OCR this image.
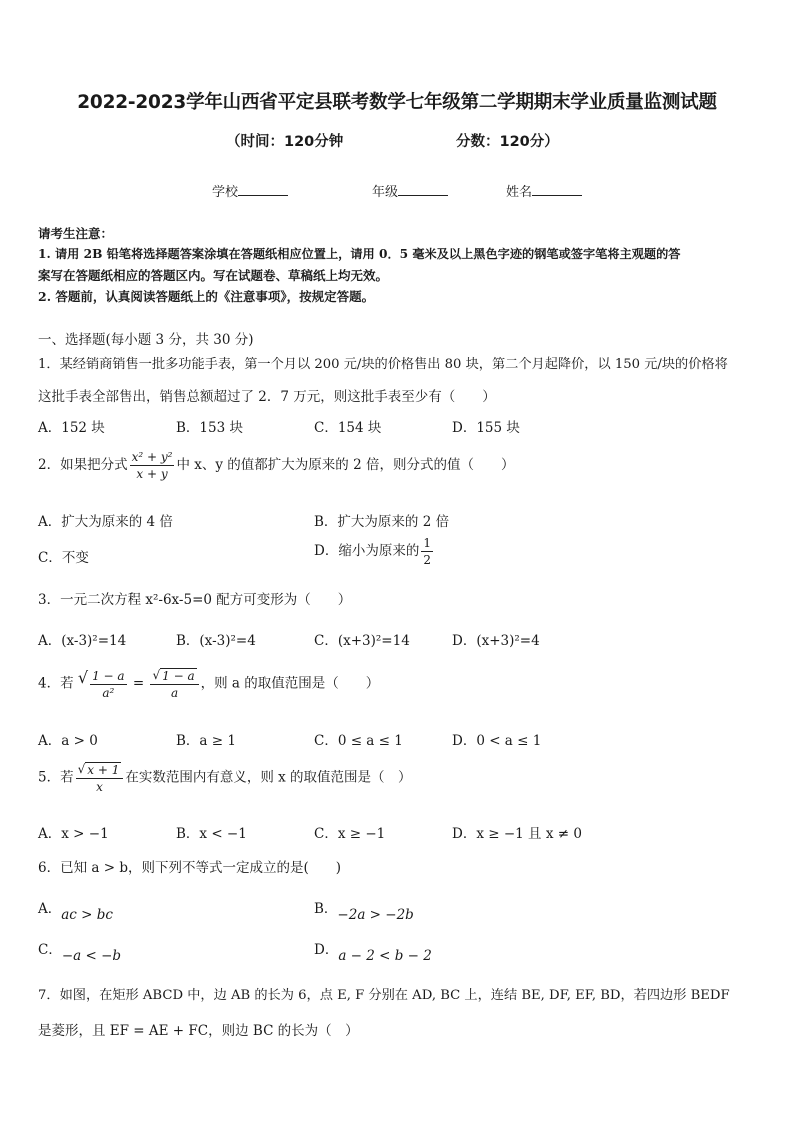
2022-2023学年山西省平定县联考数学七年级第二学期期末学业质量监测试题
（时间：120分钟	分数：120分）
学校	年级	姓名
请考生注意：
1. 请用 2B 铅笔将选择题答案涂填在答题纸相应位置上，请用 0．5 毫米及以上黑色字迹的钢笔或签字笔将主观题的答
案写在答题纸相应的答题区内。写在试题卷、草稿纸上均无效。
2. 答题前，认真阅读答题纸上的《注意事项》，按规定答题。
一、选择题(每小题 3 分，共 30 分)
1．某经销商销售一批多功能手表，第一个月以 200 元/块的价格售出 80 块，第二个月起降价，以 150 元/块的价格将
这批手表全部售出，销售总额超过了 2．7 万元，则这批手表至少有（　　）
A．152 块	B．153 块	C．154 块	D．155 块
2．如果把分式 $\frac{\text{x² + y²}}{x + y}$ 中 x、y 的值都扩大为原来的 2 倍，则分式的值（　　）
A．扩大为原来的 4 倍	B．扩大为原来的 2 倍
C．不变	D．缩小为原来的 $\frac{1}{2}$
3．一元二次方程 x²-6x-5=0 配方可变形为（　　）
A．(x-3)²=14	B．(x-3)²=4	C．(x+3)²=14	D．(x+3)²=4
4．若 √ $\frac{1 - a}{\text{a²}} = \frac{√ 1 - a}{a}$ ，则 a 的取值范围是（　　）
A．a > 0	B．a ≥ 1	C．0 ≤ a ≤ 1	D．0 < a ≤ 1
5．若 $\frac{√ x + 1}{x}$ 在实数范围内有意义，则 x 的取值范围是（　）
A．x > −1	B．x < −1	C．x ≥ −1	D．x ≥ −1 且 x ≠ 0
6．已知 a > b，则下列不等式一定成立的是(　　)
A．ac > bc	B．−2a > −2b
C．−a < −b	D．a − 2 < b − 2
7．如图，在矩形 ABCD 中，边 AB 的长为 6，点 E, F 分别在 AD, BC 上，连结 BE, DF, EF, BD，若四边形 BEDF
是菱形，且 EF = AE + FC，则边 BC 的长为（　）
